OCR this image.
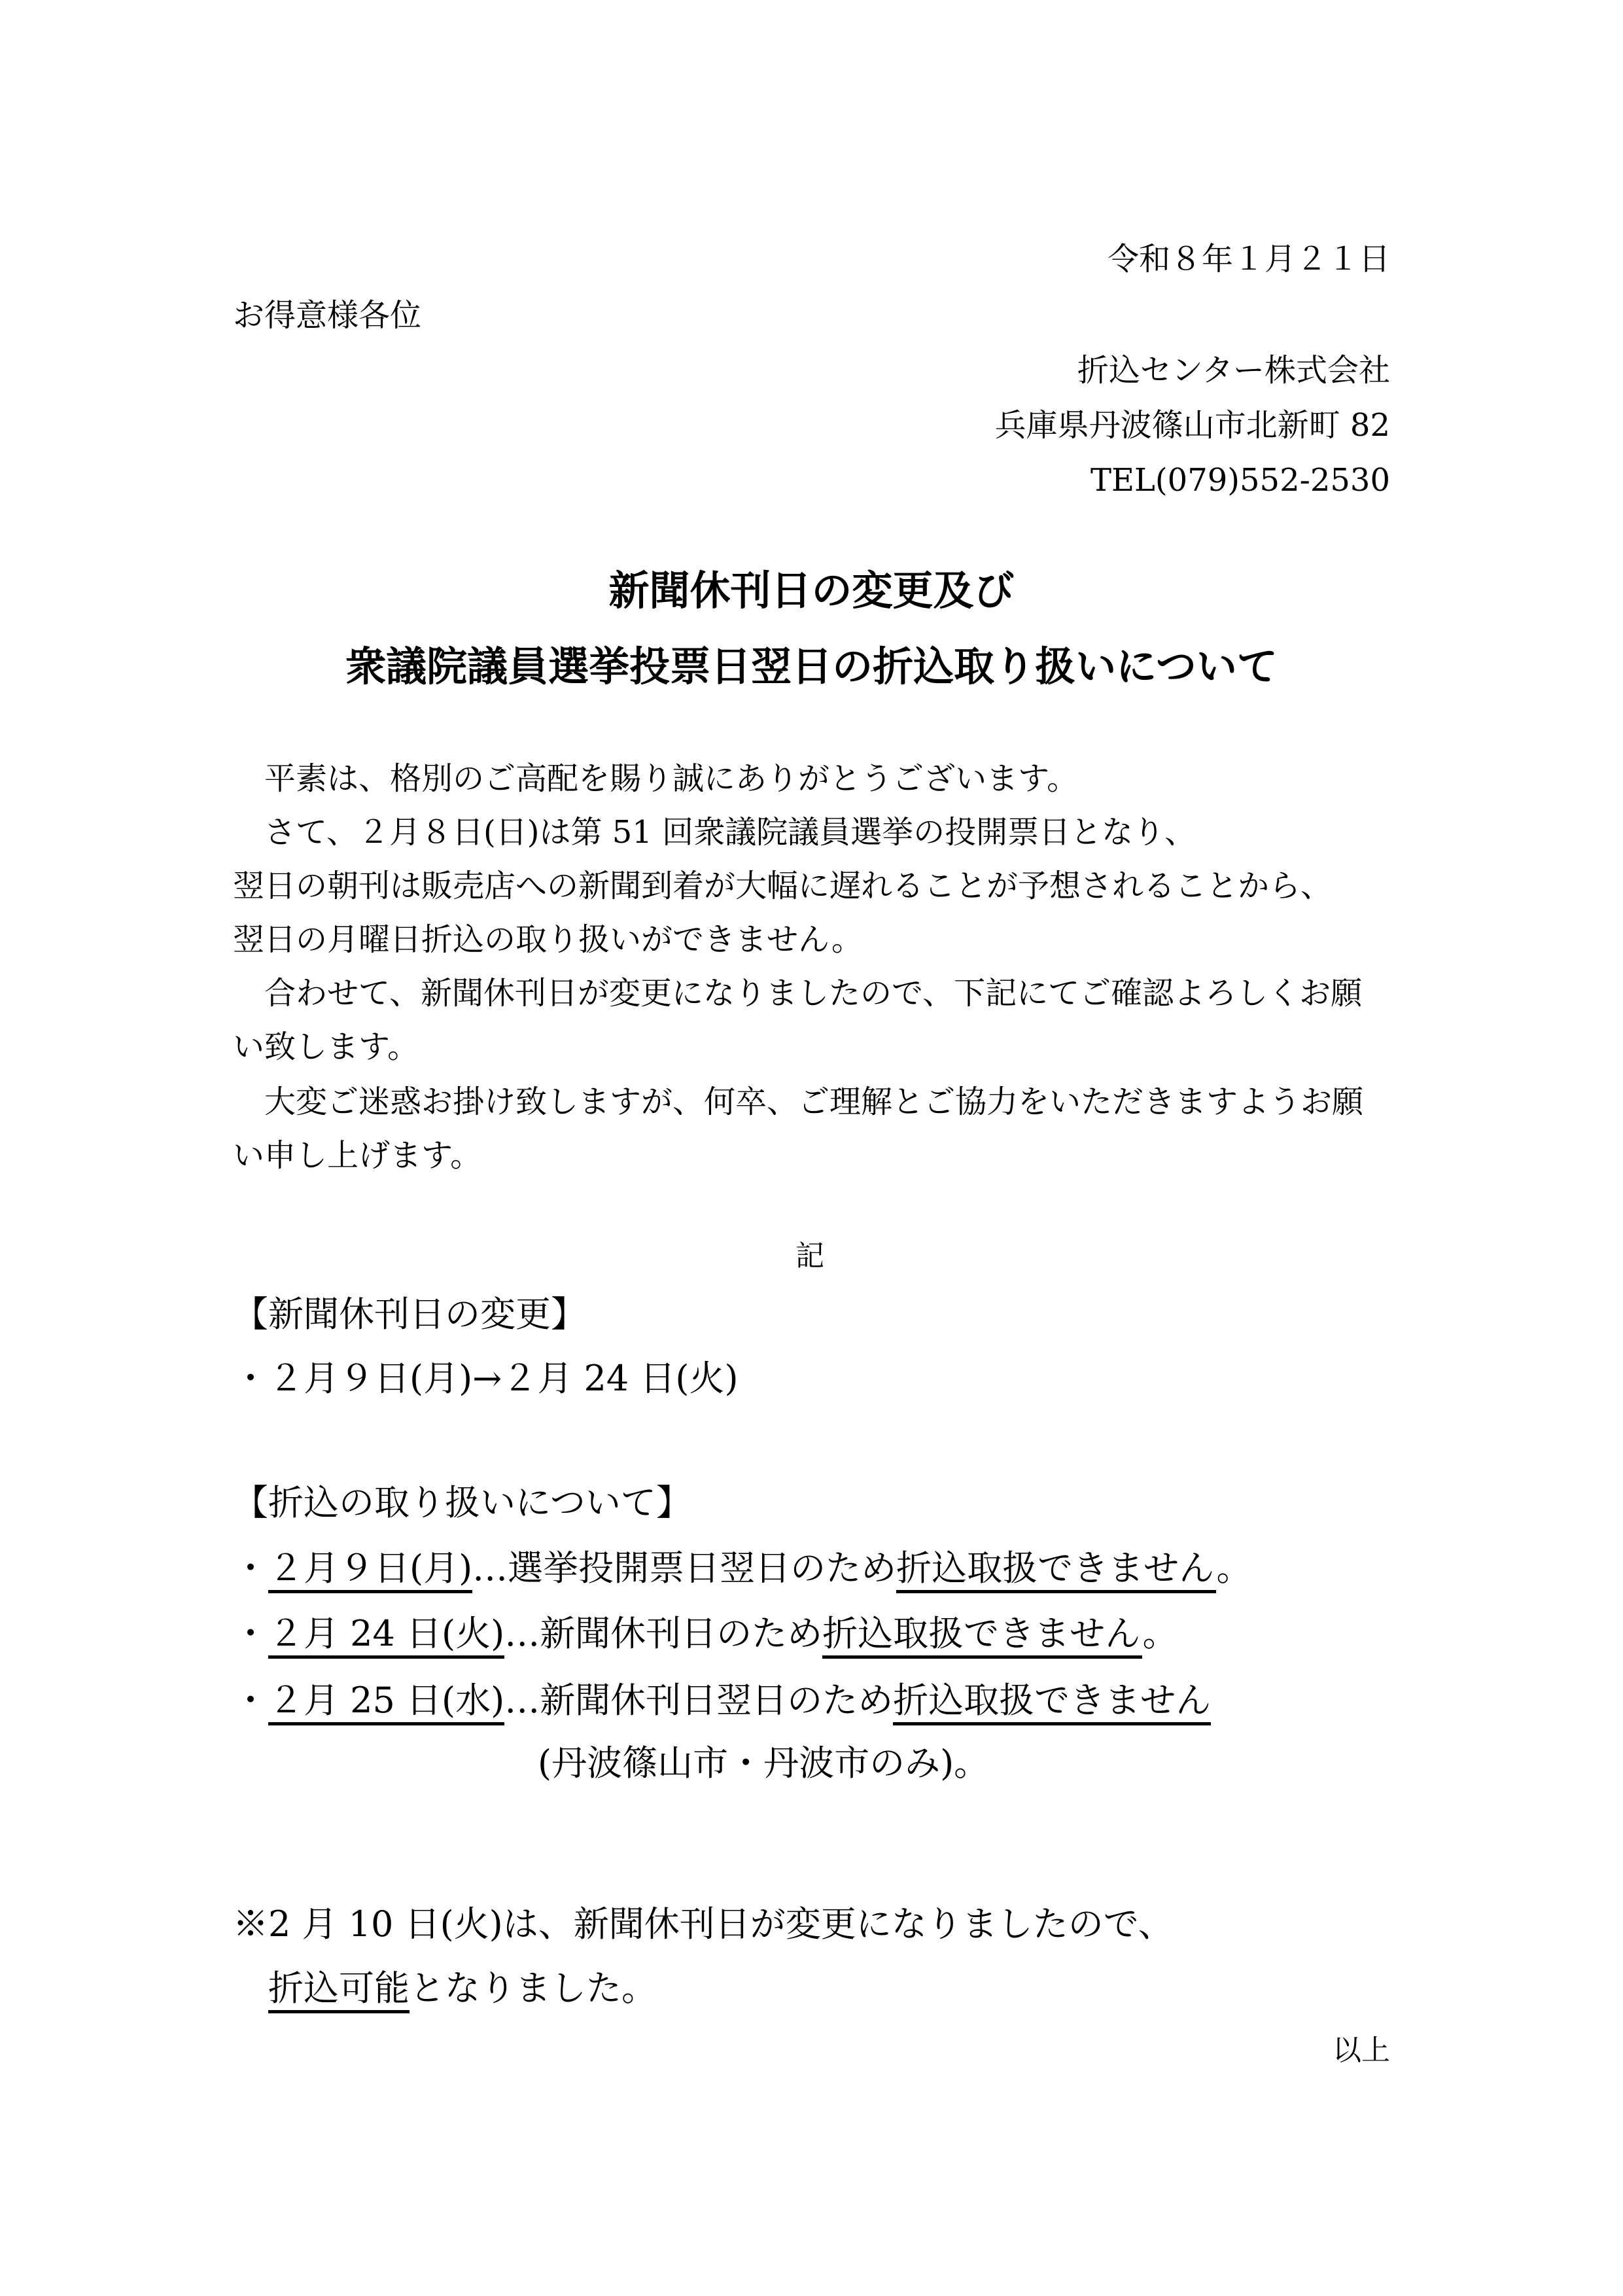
令和８年１月２１日
お得意様各位
折込センター株式会社
兵庫県丹波篠山市北新町 82
TEL(079)552-2530
新聞休刊日の変更及び
衆議院議員選挙投票日翌日の折込取り扱いについて
平素は、格別のご高配を賜り誠にありがとうございます。
さて、２月８日(日)は第 51 回衆議院議員選挙の投開票日となり、
翌日の朝刊は販売店への新聞到着が大幅に遅れることが予想されることから、
翌日の月曜日折込の取り扱いができません。
合わせて、新聞休刊日が変更になりましたので、下記にてご確認よろしくお願
い致します。
大変ご迷惑お掛け致しますが、何卒、ご理解とご協力をいただきますようお願
い申し上げます。
記
【新聞休刊日の変更】
・２月９日(月)→２月 24 日(火)
【折込の取り扱いについて】
・２月９日(月)…選挙投開票日翌日のため折込取扱できません。
・２月 24 日(火)…新聞休刊日のため折込取扱できません。
・２月 25 日(水)…新聞休刊日翌日のため折込取扱できません
(丹波篠山市・丹波市のみ)。
※2 月 10 日(火)は、新聞休刊日が変更になりましたので、
折込可能となりました。
以上
